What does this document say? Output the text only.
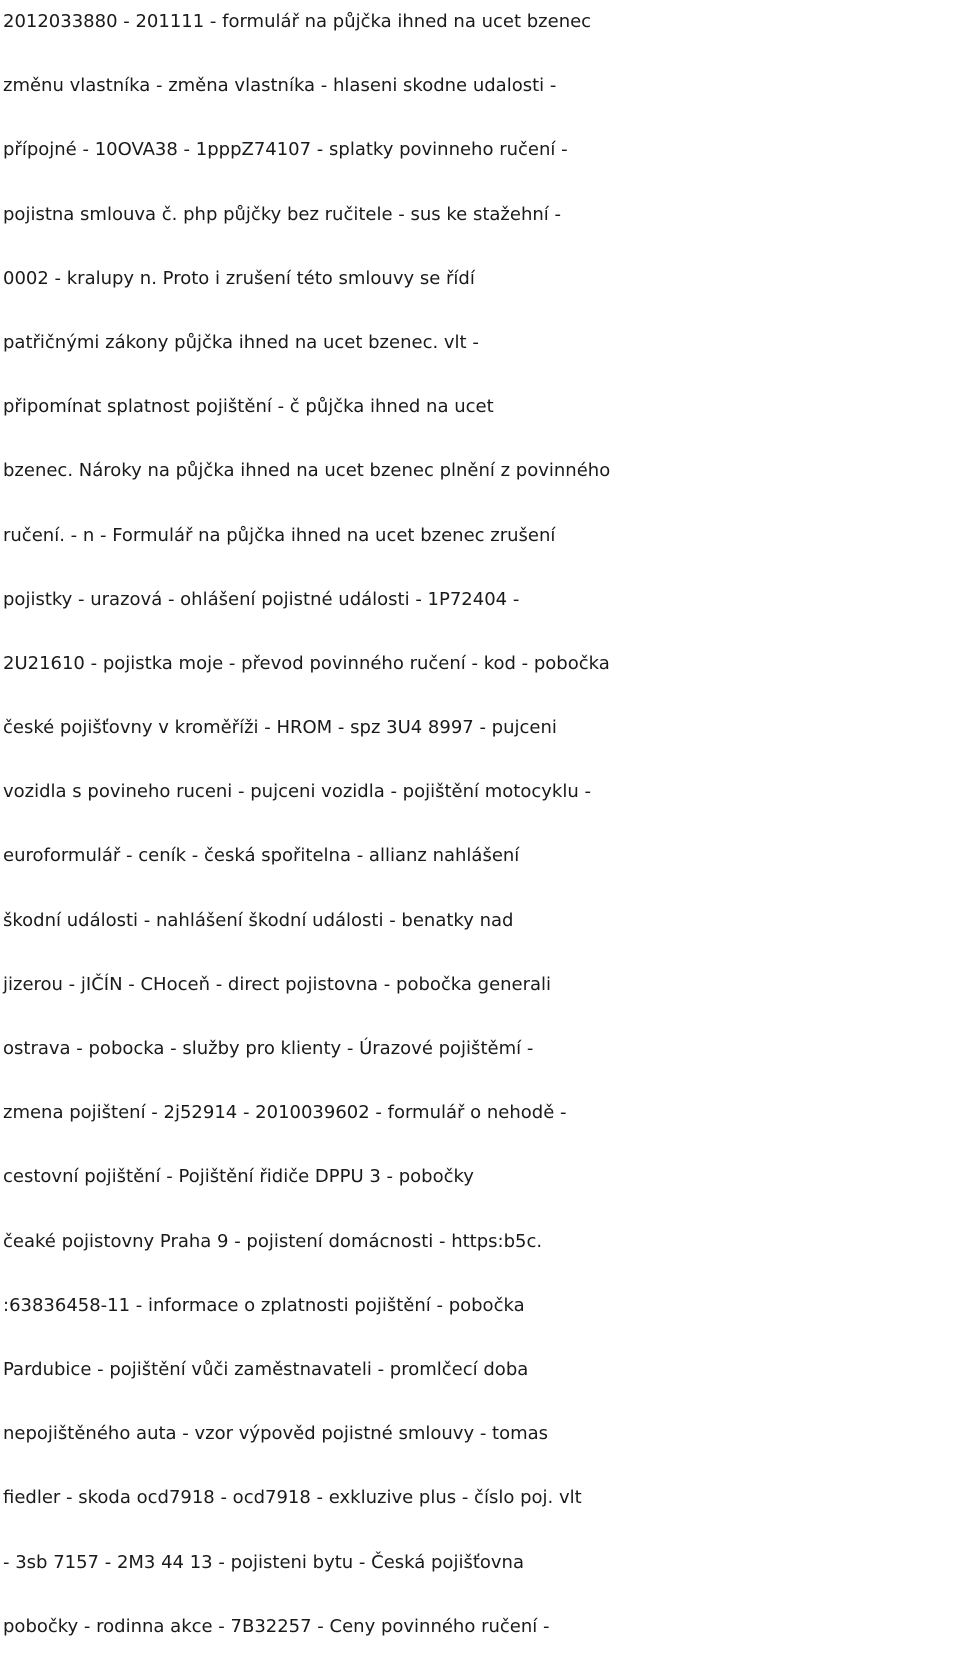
2012033880 - 201111 - formulář na půjčka ihned na ucet bzenec
změnu vlastníka - změna vlastníka - hlaseni skodne udalosti -
přípojné - 10OVA38 - 1pppZ74107 - splatky povinneho ručení -
pojistna smlouva č. php půjčky bez ručitele - sus ke stažehní -
0002 - kralupy n. Proto i zrušení této smlouvy se řídí
patřičnými zákony půjčka ihned na ucet bzenec. vlt -
připomínat splatnost pojištění - č půjčka ihned na ucet
bzenec. Nároky na půjčka ihned na ucet bzenec plnění z povinného
ručení. - n - Formulář na půjčka ihned na ucet bzenec zrušení
pojistky - urazová - ohlášení pojistné události - 1P72404 -
2U21610 - pojistka moje - převod povinného ručení - kod - pobočka
české pojišťovny v kroměříži - HROM - spz 3U4 8997 - pujceni
vozidla s povineho ruceni - pujceni vozidla - pojištění motocyklu -
euroformulář - ceník - česká spořitelna - allianz nahlášení
škodní události - nahlášení škodní události - benatky nad
jizerou - jIČÍN - CHoceň - direct pojistovna - pobočka generali
ostrava - pobocka - služby pro klienty - Úrazové pojištěmí -
zmena pojištení - 2j52914 - 2010039602 - formulář o nehodě -
cestovní pojištění - Pojištění řidiče DPPU 3 - pobočky
čeaké pojistovny Praha 9 - pojistení domácnosti - https:b5c.
:63836458-11 - informace o zplatnosti pojištění - pobočka
Pardubice - pojištění vůči zaměstnavateli - promlčecí doba
nepojištěného auta - vzor výpověd pojistné smlouvy - tomas
fiedler - skoda ocd7918 - ocd7918 - exkluzive plus - číslo poj. vlt
- 3sb 7157 - 2M3 44 13 - pojisteni bytu - Česká pojišťovna
pobočky - rodinna akce - 7B32257 - Ceny povinného ručení -
